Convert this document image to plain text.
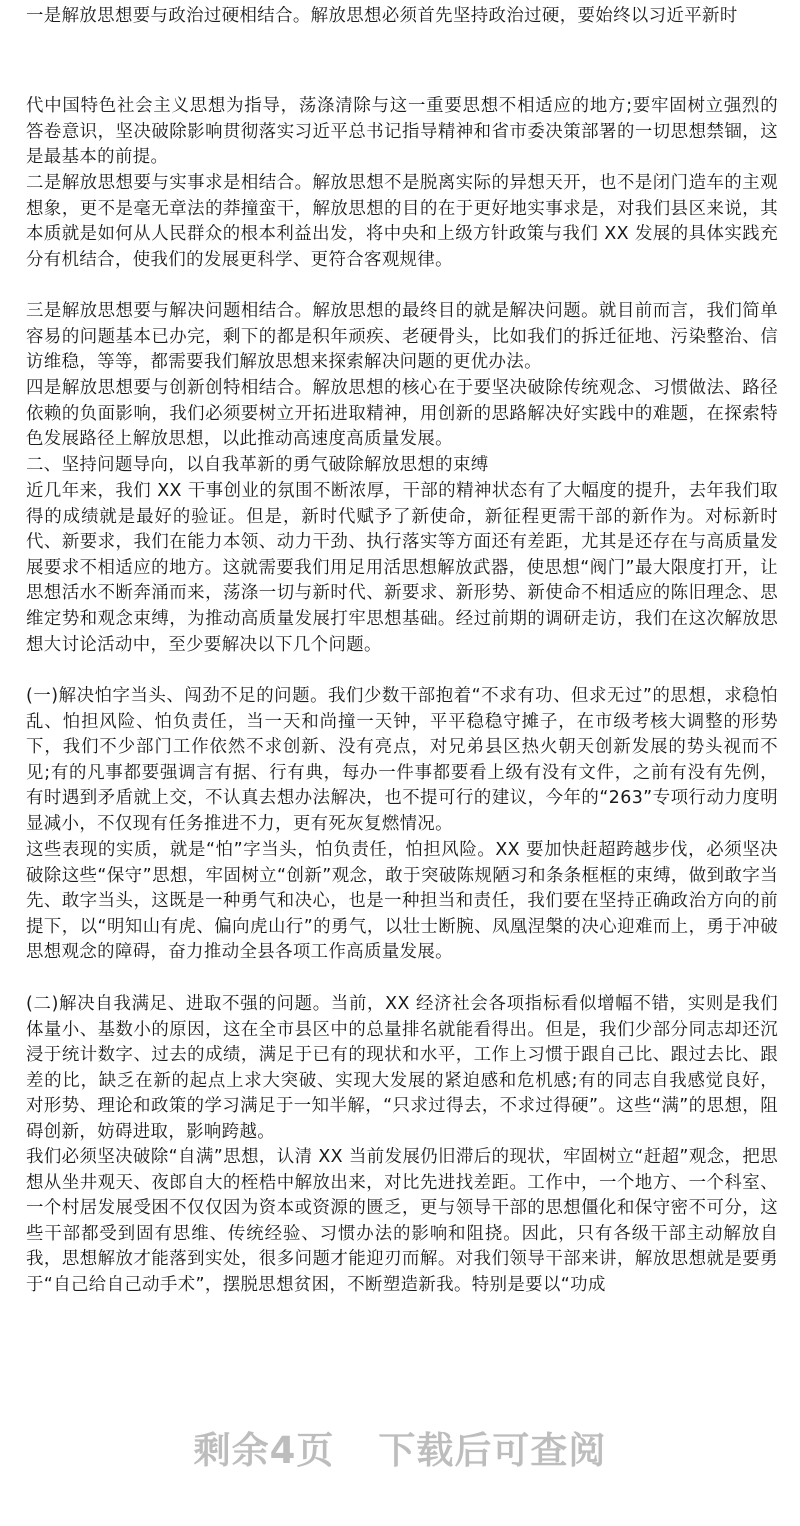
一是解放思想要与政治过硬相结合。解放思想必须首先坚持政治过硬，要始终以习近平新时

代中国特色社会主义思想为指导，荡涤清除与这一重要思想不相适应的地方;要牢固树立强烈的答卷意识，坚决破除影响贯彻落实习近平总书记指导精神和省市委决策部署的一切思想禁锢，这是最基本的前提。

二是解放思想要与实事求是相结合。解放思想不是脱离实际的异想天开，也不是闭门造车的主观想象，更不是毫无章法的莽撞蛮干，解放思想的目的在于更好地实事求是，对我们县区来说，其本质就是如何从人民群众的根本利益出发，将中央和上级方针政策与我们 XX 发展的具体实践充分有机结合，使我们的发展更科学、更符合客观规律。

三是解放思想要与解决问题相结合。解放思想的最终目的就是解决问题。就目前而言，我们简单容易的问题基本已办完，剩下的都是积年顽疾、老硬骨头，比如我们的拆迁征地、污染整治、信访维稳，等等，都需要我们解放思想来探索解决问题的更优办法。

四是解放思想要与创新创特相结合。解放思想的核心在于要坚决破除传统观念、习惯做法、路径依赖的负面影响，我们必须要树立开拓进取精神，用创新的思路解决好实践中的难题，在探索特色发展路径上解放思想，以此推动高速度高质量发展。

二、坚持问题导向，以自我革新的勇气破除解放思想的束缚

近几年来，我们 XX 干事创业的氛围不断浓厚，干部的精神状态有了大幅度的提升，去年我们取得的成绩就是最好的验证。但是，新时代赋予了新使命，新征程更需干部的新作为。对标新时代、新要求，我们在能力本领、动力干劲、执行落实等方面还有差距，尤其是还存在与高质量发展要求不相适应的地方。这就需要我们用足用活思想解放武器，使思想“阀门”最大限度打开，让思想活水不断奔涌而来，荡涤一切与新时代、新要求、新形势、新使命不相适应的陈旧理念、思维定势和观念束缚，为推动高质量发展打牢思想基础。经过前期的调研走访，我们在这次解放思想大讨论活动中，至少要解决以下几个问题。

(一)解决怕字当头、闯劲不足的问题。我们少数干部抱着“不求有功、但求无过”的思想，求稳怕乱、怕担风险、怕负责任，当一天和尚撞一天钟，平平稳稳守摊子，在市级考核大调整的形势下，我们不少部门工作依然不求创新、没有亮点，对兄弟县区热火朝天创新发展的势头视而不见;有的凡事都要强调言有据、行有典，每办一件事都要看上级有没有文件，之前有没有先例，有时遇到矛盾就上交，不认真去想办法解决，也不提可行的建议，今年的“263”专项行动力度明显减小，不仅现有任务推进不力，更有死灰复燃情况。

这些表现的实质，就是“怕”字当头，怕负责任，怕担风险。XX 要加快赶超跨越步伐，必须坚决破除这些“保守”思想，牢固树立“创新”观念，敢于突破陈规陋习和条条框框的束缚，做到敢字当先、敢字当头，这既是一种勇气和决心，也是一种担当和责任，我们要在坚持正确政治方向的前提下，以“明知山有虎、偏向虎山行”的勇气，以壮士断腕、凤凰涅槃的决心迎难而上，勇于冲破思想观念的障碍，奋力推动全县各项工作高质量发展。

(二)解决自我满足、进取不强的问题。当前，XX 经济社会各项指标看似增幅不错，实则是我们体量小、基数小的原因，这在全市县区中的总量排名就能看得出。但是，我们少部分同志却还沉浸于统计数字、过去的成绩，满足于已有的现状和水平，工作上习惯于跟自己比、跟过去比、跟差的比，缺乏在新的起点上求大突破、实现大发展的紧迫感和危机感;有的同志自我感觉良好，对形势、理论和政策的学习满足于一知半解，“只求过得去，不求过得硬”。这些“满”的思想，阻碍创新，妨碍进取，影响跨越。

我们必须坚决破除“自满”思想，认清 XX 当前发展仍旧滞后的现状，牢固树立“赶超”观念，把思想从坐井观天、夜郎自大的桎梏中解放出来，对比先进找差距。工作中，一个地方、一个科室、一个村居发展受困不仅仅因为资本或资源的匮乏，更与领导干部的思想僵化和保守密不可分，这些干部都受到固有思维、传统经验、习惯办法的影响和阻挠。因此，只有各级干部主动解放自我，思想解放才能落到实处，很多问题才能迎刃而解。对我们领导干部来讲，解放思想就是要勇于“自己给自己动手术”，摆脱思想贫困，不断塑造新我。特别是要以“功成

剩余4页 下载后可查阅
